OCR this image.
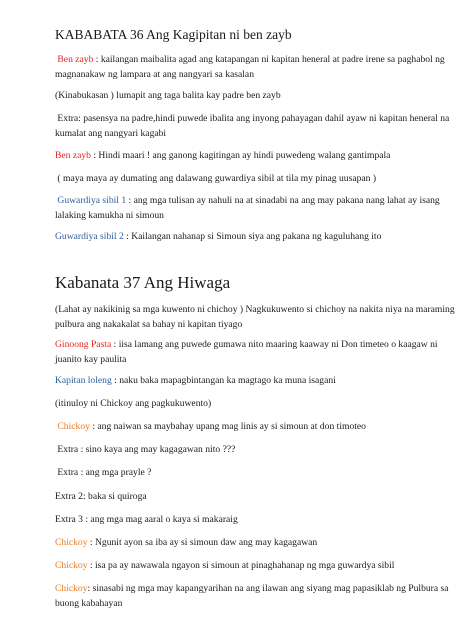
KABABATA 36 Ang Kagipitan ni ben zayb
Ben zayb : kailangan maibalita agad ang katapangan ni kapitan heneral at padre irene sa paghabol ng magnanakaw ng lampara at ang nangyari sa kasalan
(Kinabukasan ) lumapit ang taga balita kay padre ben zayb
Extra: pasensya na padre,hindi puwede ibalita ang inyong pahayagan dahil ayaw ni kapitan heneral na kumalat ang nangyari kagabi
Ben zayb : Hindi maari ! ang ganong kagitingan ay hindi puwedeng walang gantimpala
( maya maya ay dumating ang dalawang guwardiya sibil at tila my pinag uusapan )
Guwardiya sibil 1 : ang mga tulisan ay nahuli na at sinadabi na ang may pakana nang lahat ay isang lalaking kamukha ni simoun
Guwardiya sibil 2 : Kailangan nahanap si Simoun siya ang pakana ng kaguluhang ito
Kabanata 37 Ang Hiwaga
(Lahat ay nakikinig sa mga kuwento ni chichoy ) Nagkukuwento si chichoy na nakita niya na maraming pulbura ang nakakalat sa bahay ni kapitan tiyago
Ginoong Pasta : iisa lamang ang puwede gumawa nito maaring kaaway ni Don timeteo o kaagaw ni juanito kay paulita
Kapitan loleng : naku baka mapagbintangan ka magtago ka muna isagani
(itinuloy ni Chickoy ang pagkukuwento)
Chickoy : ang naiwan sa maybahay upang mag linis ay si simoun at don timoteo
Extra : sino kaya ang may kagagawan nito ???
Extra : ang mga prayle ?
Extra 2: baka si quiroga
Extra 3 : ang mga mag aaral o kaya si makaraig
Chickoy : Ngunit ayon sa iba ay si simoun daw ang may kagagawan
Chickoy : isa pa ay nawawala ngayon si simoun at pinaghahanap ng mga guwardya sibil
Chickoy: sinasabi ng mga may kapangyarihan na ang ilawan ang siyang mag papasiklab ng Pulbura sa buong kabahayan
